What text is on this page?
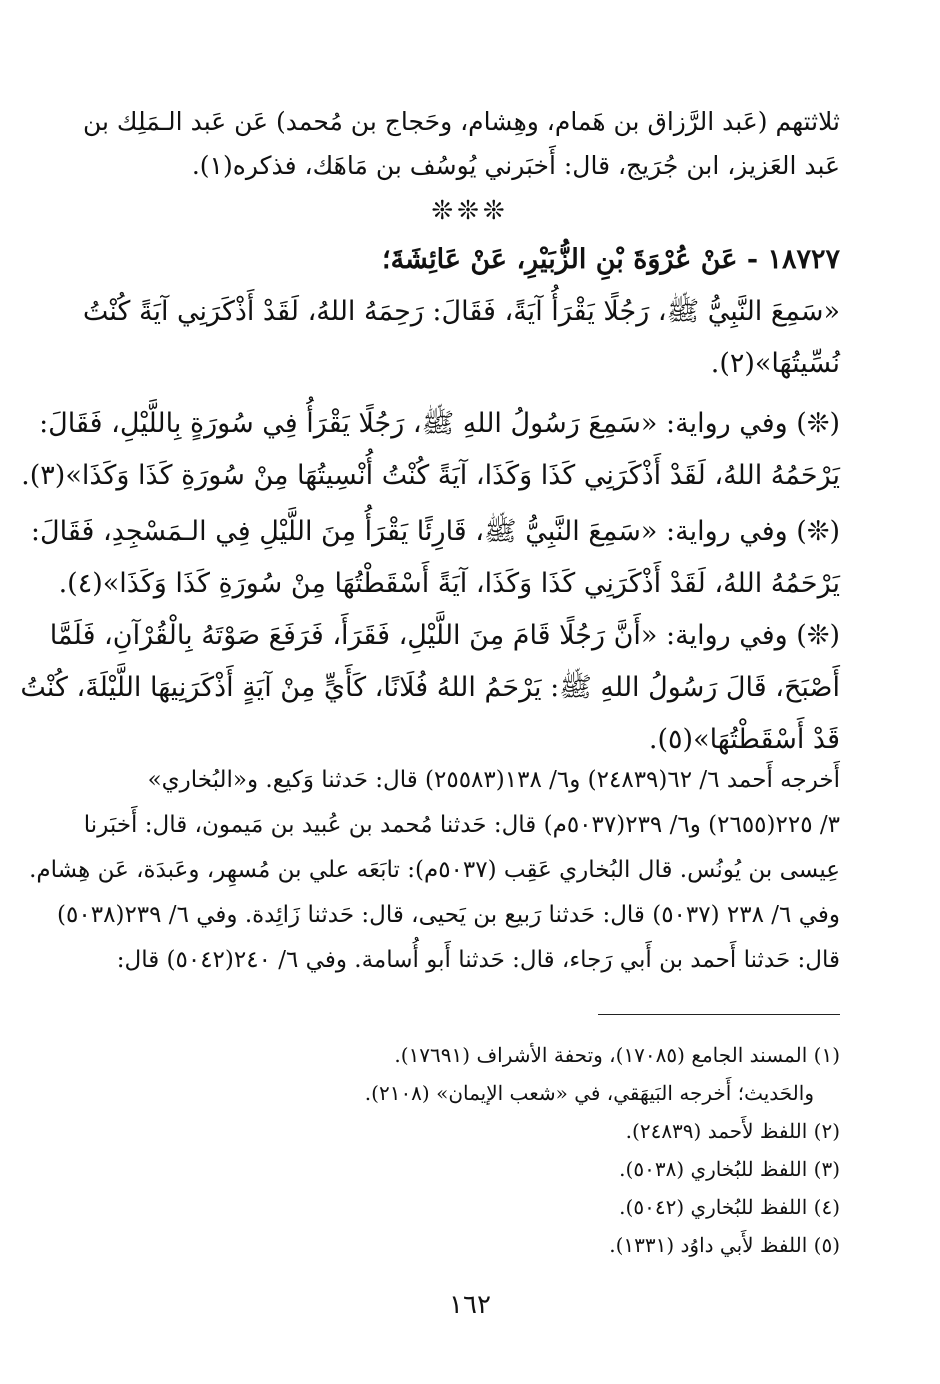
ثلاثتهم (عَبد الرَّزاق بن هَمام، وهِشام، وحَجاج بن مُحمد) عَن عَبد الـمَلِك بن
عَبد العَزيز، ابن جُرَيج، قال: أَخبَرني يُوسُف بن مَاهَك، فذكره(١).
❊❊❊
١٨٧٢٧ - عَنْ عُرْوَةَ بْنِ الزُّبَيْرِ، عَنْ عَائِشَةَ؛
«سَمِعَ النَّبِيُّ ﷺ، رَجُلًا يَقْرَأُ آيَةً، فَقَالَ: رَحِمَهُ اللهُ، لَقَدْ أَذْكَرَنِي آيَةً كُنْتُ
نُسِّيتُهَا»(٢).
(❊) وفي رواية: «سَمِعَ رَسُولُ اللهِ ﷺ، رَجُلًا يَقْرَأُ فِي سُورَةٍ بِاللَّيْلِ، فَقَالَ:
يَرْحَمُهُ اللهُ، لَقَدْ أَذْكَرَنِي كَذَا وَكَذَا، آيَةً كُنْتُ أُنْسِيتُهَا مِنْ سُورَةِ كَذَا وَكَذَا»(٣).
(❊) وفي رواية: «سَمِعَ النَّبِيُّ ﷺ، قَارِئًا يَقْرَأُ مِنَ اللَّيْلِ فِي الـمَسْجِدِ، فَقَالَ:
يَرْحَمُهُ اللهُ، لَقَدْ أَذْكَرَنِي كَذَا وَكَذَا، آيَةً أَسْقَطْتُهَا مِنْ سُورَةِ كَذَا وَكَذَا»(٤).
(❊) وفي رواية: «أَنَّ رَجُلًا قَامَ مِنَ اللَّيْلِ، فَقَرَأَ، فَرَفَعَ صَوْتَهُ بِالْقُرْآنِ، فَلَمَّا
أَصْبَحَ، قَالَ رَسُولُ اللهِ ﷺ: يَرْحَمُ اللهُ فُلَانًا، كَأَيٍّ مِنْ آيَةٍ أَذْكَرَنِيهَا اللَّيْلَةَ، كُنْتُ
قَدْ أَسْقَطْتُهَا»(٥).
أَخرجه أَحمد ٦/ ٦٢(٢٤٨٣٩) و٦/ ١٣٨(٢٥٥٨٣) قال: حَدثنا وَكيع. و«البُخاري»
٣/ ٢٢٥(٢٦٥٥) و٦/ ٢٣٩(٥٠٣٧م) قال: حَدثنا مُحمد بن عُبيد بن مَيمون، قال: أَخبَرنا
عِيسى بن يُونُس. قال البُخاري عَقِب (٥٠٣٧م): تابَعَه علي بن مُسهِر، وعَبدَة، عَن هِشام.
وفي ٦/ ٢٣٨ (٥٠٣٧) قال: حَدثنا رَبيع بن يَحيى، قال: حَدثنا زَائِدة. وفي ٦/ ٢٣٩(٥٠٣٨)
قال: حَدثنا أَحمد بن أَبي رَجاء، قال: حَدثنا أَبو أُسامة. وفي ٦/ ٢٤٠(٥٠٤٢) قال:
(١) المسند الجامع (١٧٠٨٥)، وتحفة الأشراف (١٧٦٩١).
والحَديث؛ أَخرجه البَيهَقي، في «شعب الإيمان» (٢١٠٨).
(٢) اللفظ لأَحمد (٢٤٨٣٩).
(٣) اللفظ للبُخاري (٥٠٣٨).
(٤) اللفظ للبُخاري (٥٠٤٢).
(٥) اللفظ لأَبي داوُد (١٣٣١).
١٦٢
